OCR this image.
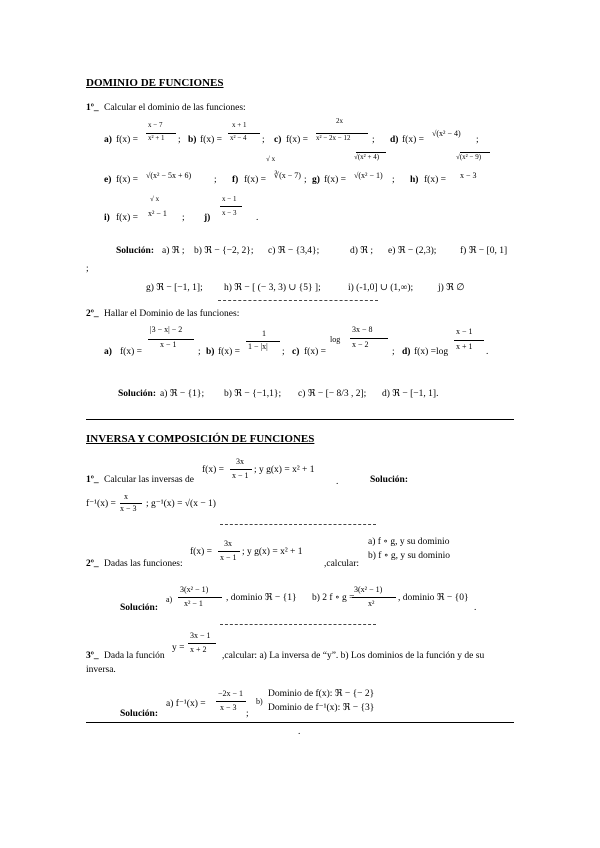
DOMINIO DE FUNCIONES
1º_ Calcular el dominio de las funciones:
a) f(x) =
x − 7
x² + 1 ; b) f(x) =
x + 1
x² − 4 ; c) f(x) =
2x
x² − 2x − 12 ; d) f(x) =
√(x² − 4)
;
√(x² + 4)	√(x² − 9)
√ x
e) f(x) = √(x² − 5x + 6) ; f) f(x) = ∛(x − 7) ; g) f(x) = √(x² − 1) ; h) f(x) = x − 3
i) f(x) =
√ x
x² − 1 ; j)
x − 1
x − 3 .
Solución: a) ℜ ; b) ℜ − {−2, 2}; c) ℜ − {3,4};	d) ℜ ; e) ℜ − (2,3); f) ℜ − [0, 1]
;
g) ℜ − [−1, 1]; h) ℜ − [ (− 3, 3) ∪ {5} ];	i) (-1,0] ∪ (1,∞);	j) ℜ ∅
2º_ Hallar el Dominio de las funciones:
a) f(x) =
|3 − x| − 2
x − 1
; b) f(x) =
1
1 − |x|
; c) f(x) =
log
3x − 8
x − 2
; d) f(x) =log
x − 1
x + 1
.
Solución: a) ℜ − {1}; b) ℜ − {−1,1}; c) ℜ − [− 8/3 , 2]; d) ℜ − [−1, 1].
INVERSA Y COMPOSICIÓN DE FUNCIONES
1º_ Calcular las inversas de
f(x) =
3x
x − 1
; y g(x) = x² + 1
.	Solución:
f⁻¹(x) =
x
x − 3 ; g⁻¹(x) = √(x − 1)
2º_ Dadas las funciones:
f(x) =
3x
x − 1
; y g(x) = x² + 1
,calcular:
a) f ∘ g, y su dominio
b) f ∘ g, y su dominio
Solución:
a)
3(x² − 1)
x² − 1
, dominio ℜ − {1} b) 2 f ∘ g =
3(x² − 1)
x²
, dominio ℜ − {0}
.
3º_ Dada la función
y =
3x − 1
x + 2
,calcular: a) La inversa de “y”. b) Los dominios de la función y de su
inversa.
Solución:
a) f⁻¹(x) =
−2x − 1
x − 3
;
b)
Dominio de f(x): ℜ − {− 2}
Dominio de f⁻¹(x): ℜ − {3}
.
